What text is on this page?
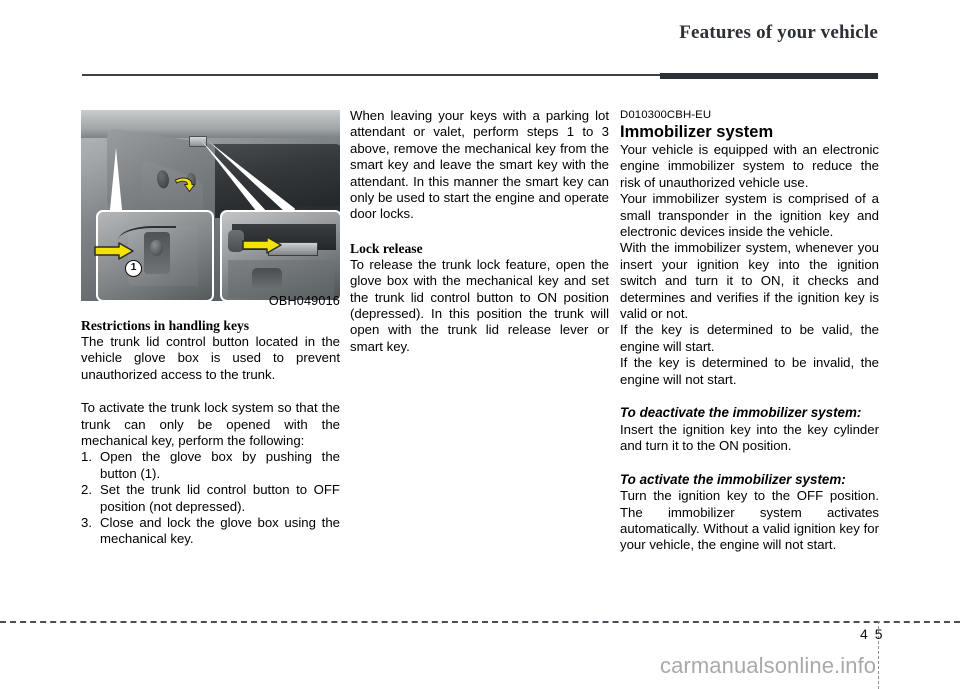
Features of your vehicle
1
OBH049016

Restrictions in handling keys

The trunk lid control button located in the vehicle glove box is used to prevent unauthorized access to the trunk.

To activate the trunk lock system so that the trunk can only be opened with the mechanical key, perform the following:

1. Open the glove box by pushing the button (1).
2. Set the trunk lid control button to OFF position (not depressed).
3. Close and lock the glove box using the mechanical key.

When leaving your keys with a parking lot attendant or valet, perform steps 1 to 3 above, remove the mechanical key from the smart key and leave the smart key with the attendant. In this manner the smart key can only be used to start the engine and operate door locks.

Lock release

To release the trunk lock feature, open the glove box with the mechanical key and set the trunk lid control button to ON position (depressed). In this position the trunk will open with the trunk lid release lever or smart key.

D010300CBH-EU

Immobilizer system

Your vehicle is equipped with an electronic engine immobilizer system to reduce the risk of unauthorized vehicle use.

Your immobilizer system is comprised of a small transponder in the ignition key and electronic devices inside the vehicle.

With the immobilizer system, whenever you insert your ignition key into the ignition switch and turn it to ON, it checks and determines and verifies if the ignition key is valid or not.

If the key is determined to be valid, the engine will start.

If the key is determined to be invalid, the engine will not start.

To deactivate the immobilizer system:

Insert the ignition key into the key cylinder and turn it to the ON position.

To activate the immobilizer system:

Turn the ignition key to the OFF position. The immobilizer system activates automatically. Without a valid ignition key for your vehicle, the engine will not start.

4 5
carmanualsonline.info
